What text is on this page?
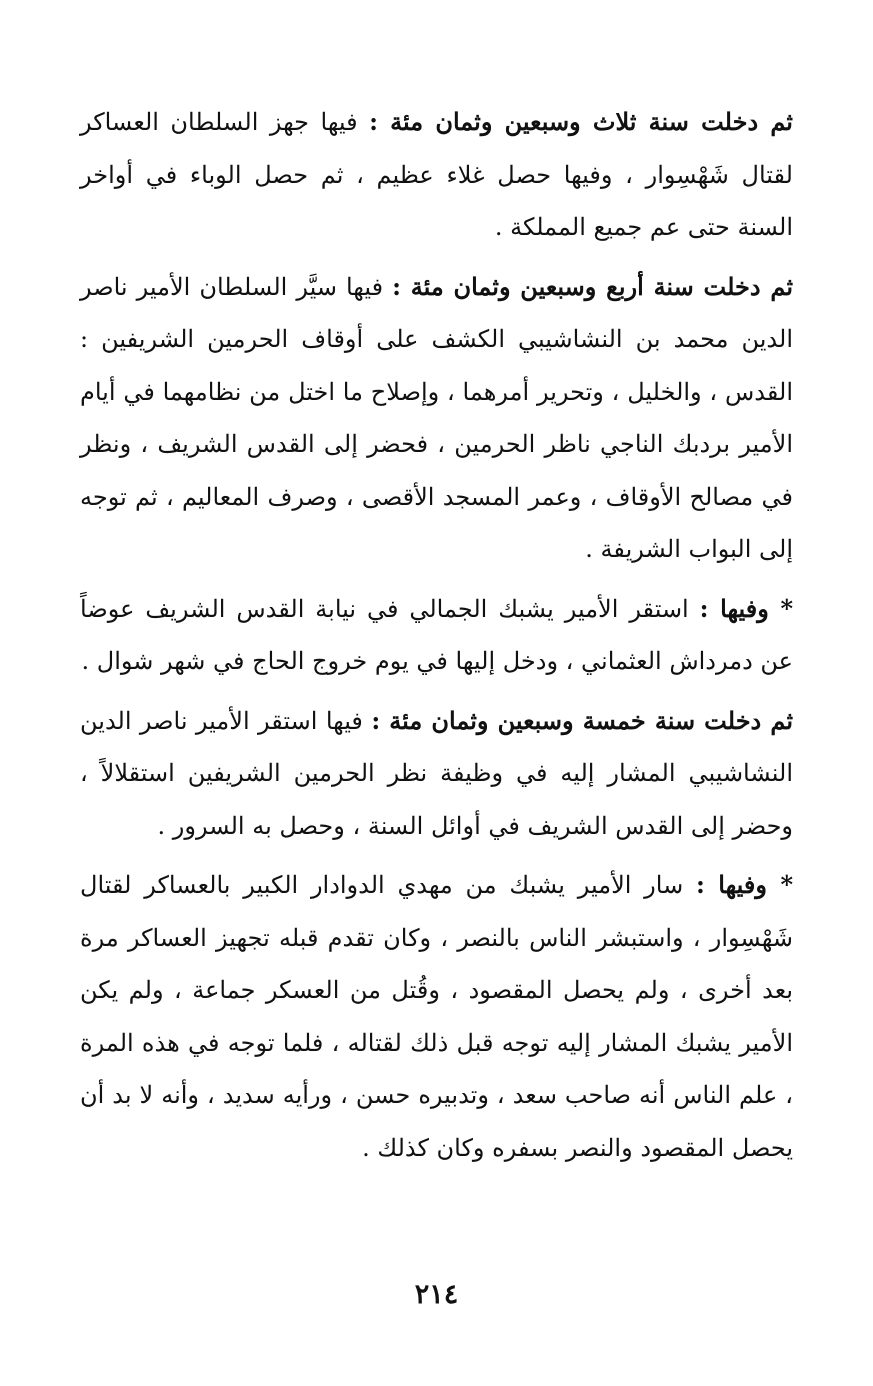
ثم دخلت سنة ثلاث وسبعين وثمان مئة : فيها جهز السلطان العساكر لقتال شَهْسِوار ، وفيها حصل غلاء عظيم ، ثم حصل الوباء في أواخر السنة حتى عم جميع المملكة .

ثم دخلت سنة أربع وسبعين وثمان مئة : فيها سيَّر السلطان الأمير ناصر الدين محمد بن النشاشيبي الكشف على أوقاف الحرمين الشريفين : القدس ، والخليل ، وتحرير أمرهما ، وإصلاح ما اختل من نظامهما في أيام الأمير بردبك الناجي ناظر الحرمين ، فحضر إلى القدس الشريف ، ونظر في مصالح الأوقاف ، وعمر المسجد الأقصى ، وصرف المعاليم ، ثم توجه إلى البواب الشريفة .

* وفيها : استقر الأمير يشبك الجمالي في نيابة القدس الشريف عوضاً عن دمرداش العثماني ، ودخل إليها في يوم خروج الحاج في شهر شوال .

ثم دخلت سنة خمسة وسبعين وثمان مئة : فيها استقر الأمير ناصر الدين النشاشيبي المشار إليه في وظيفة نظر الحرمين الشريفين استقلالاً ، وحضر إلى القدس الشريف في أوائل السنة ، وحصل به السرور .

* وفيها : سار الأمير يشبك من مهدي الدوادار الكبير بالعساكر لقتال شَهْسِوار ، واستبشر الناس بالنصر ، وكان تقدم قبله تجهيز العساكر مرة بعد أخرى ، ولم يحصل المقصود ، وقُتل من العسكر جماعة ، ولم يكن الأمير يشبك المشار إليه توجه قبل ذلك لقتاله ، فلما توجه في هذه المرة ، علم الناس أنه صاحب سعد ، وتدبيره حسن ، ورأيه سديد ، وأنه لا بد أن يحصل المقصود والنصر بسفره وكان كذلك .

٢١٤
